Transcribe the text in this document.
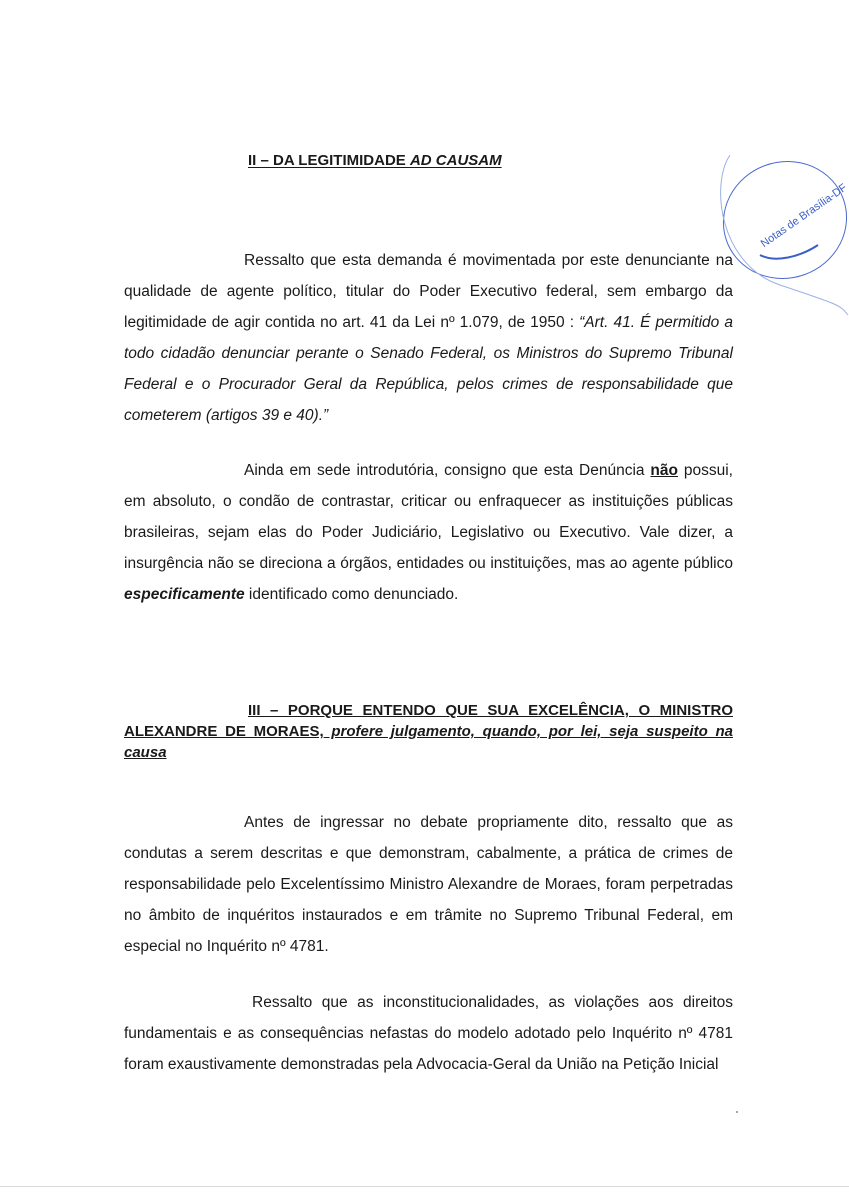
II – DA LEGITIMIDADE AD CAUSAM

Ressalto que esta demanda é movimentada por este denunciante na qualidade de agente político, titular do Poder Executivo federal, sem embargo da legitimidade de agir contida no art. 41 da Lei nº 1.079, de 1950 : “Art. 41. É permitido a todo cidadão denunciar perante o Senado Federal, os Ministros do Supremo Tribunal Federal e o Procurador Geral da República, pelos crimes de responsabilidade que cometerem (artigos 39 e 40).”

Ainda em sede introdutória, consigno que esta Denúncia não possui, em absoluto, o condão de contrastar, criticar ou enfraquecer as instituições públicas brasileiras, sejam elas do Poder Judiciário, Legislativo ou Executivo. Vale dizer, a insurgência não se direciona a órgãos, entidades ou instituições, mas ao agente público especificamente identificado como denunciado.

III – PORQUE ENTENDO QUE SUA EXCELÊNCIA, O MINISTRO ALEXANDRE DE MORAES, profere julgamento, quando, por lei, seja suspeito na causa

Antes de ingressar no debate propriamente dito, ressalto que as condutas a serem descritas e que demonstram, cabalmente, a prática de crimes de responsabilidade pelo Excelentíssimo Ministro Alexandre de Moraes, foram perpetradas no âmbito de inquéritos instaurados e em trâmite no Supremo Tribunal Federal, em especial no Inquérito nº 4781.

Ressalto que as inconstitucionalidades, as violações aos direitos fundamentais e as consequências nefastas do modelo adotado pelo Inquérito nº 4781 foram exaustivamente demonstradas pela Advocacia-Geral da União na Petição Inicial

Notas de Brasília-DF
